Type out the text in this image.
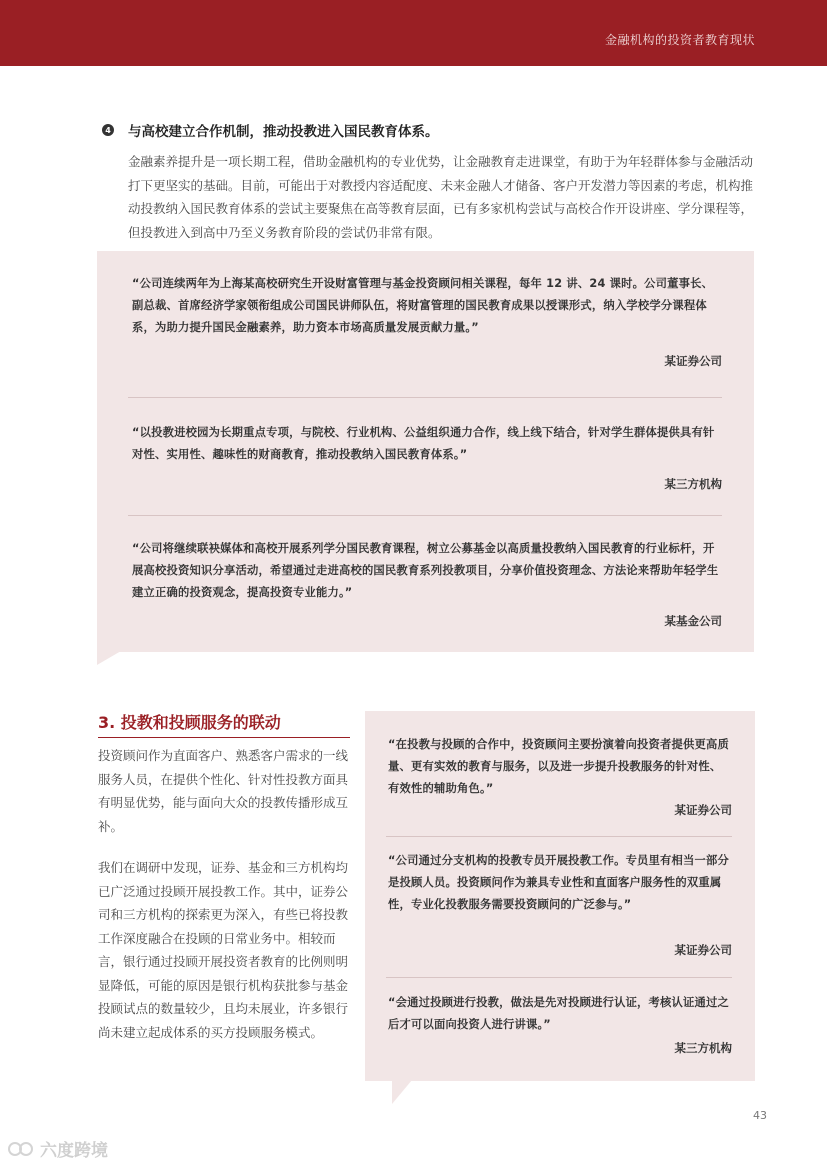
金融机构的投资者教育现状
4 与高校建立合作机制，推动投教进入国民教育体系。
金融素养提升是一项长期工程，借助金融机构的专业优势，让金融教育走进课堂，有助于为年轻群体参与金融活动打下更坚实的基础。目前，可能出于对教授内容适配度、未来金融人才储备、客户开发潜力等因素的考虑，机构推动投教纳入国民教育体系的尝试主要聚焦在高等教育层面，已有多家机构尝试与高校合作开设讲座、学分课程等，但投教进入到高中乃至义务教育阶段的尝试仍非常有限。
“公司连续两年为上海某高校研究生开设财富管理与基金投资顾问相关课程，每年 12 讲、24 课时。公司董事长、副总裁、首席经济学家领衔组成公司国民讲师队伍，将财富管理的国民教育成果以授课形式，纳入学校学分课程体系，为助力提升国民金融素养，助力资本市场高质量发展贡献力量。”
某证券公司
“以投教进校园为长期重点专项，与院校、行业机构、公益组织通力合作，线上线下结合，针对学生群体提供具有针对性、实用性、趣味性的财商教育，推动投教纳入国民教育体系。”
某三方机构
“公司将继续联袂媒体和高校开展系列学分国民教育课程，树立公募基金以高质量投教纳入国民教育的行业标杆，开展高校投资知识分享活动，希望通过走进高校的国民教育系列投教项目，分享价值投资理念、方法论来帮助年轻学生建立正确的投资观念，提高投资专业能力。”
某基金公司
3. 投教和投顾服务的联动
投资顾问作为直面客户、熟悉客户需求的一线服务人员，在提供个性化、针对性投教方面具有明显优势，能与面向大众的投教传播形成互补。
我们在调研中发现，证券、基金和三方机构均已广泛通过投顾开展投教工作。其中，证券公司和三方机构的探索更为深入，有些已将投教工作深度融合在投顾的日常业务中。相较而言，银行通过投顾开展投资者教育的比例则明显降低，可能的原因是银行机构获批参与基金投顾试点的数量较少，且均未展业，许多银行尚未建立起成体系的买方投顾服务模式。
“在投教与投顾的合作中，投资顾问主要扮演着向投资者提供更高质量、更有实效的教育与服务，以及进一步提升投教服务的针对性、有效性的辅助角色。”
某证券公司
“公司通过分支机构的投教专员开展投教工作。专员里有相当一部分是投顾人员。投资顾问作为兼具专业性和直面客户服务性的双重属性，专业化投教服务需要投资顾问的广泛参与。”
某证券公司
“会通过投顾进行投教，做法是先对投顾进行认证，考核认证通过之后才可以面向投资人进行讲课。”
某三方机构
43
六度跨境
